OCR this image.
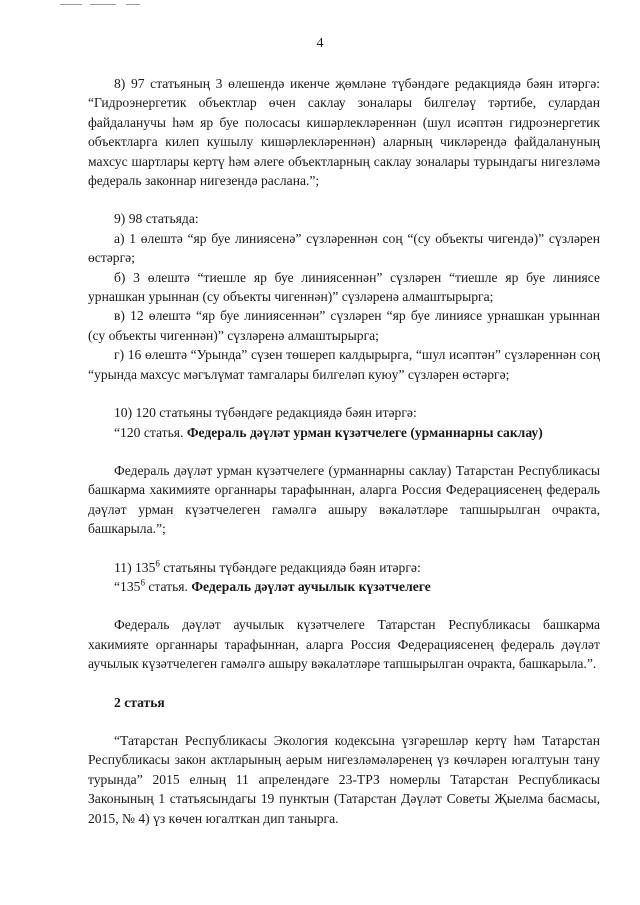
4

8) 97 статьяның 3 өлешендә икенче җөмләне түбәндәге редакциядә бәян итәргә: “Гидроэнергетик объектлар өчен саклау зоналары билгеләү тәртибе, сулардан файдаланучы һәм яр буе полосасы кишәрлекләреннән (шул исәптән гидроэнергетик объектларга килеп кушылу кишәрлекләреннән) аларның чикләрендә файдалануның махсус шартлары кертү һәм әлеге объектларның саклау зоналары турындагы нигезләмә федераль законнар нигезендә раслана.”;

9) 98 статьяда:

а) 1 өлештә “яр буе линиясенә” сүзләреннән соң “(су объекты чигендә)” сүзләрен өстәргә;

б) 3 өлештә “тиешле яр буе линиясеннән” сүзләрен “тиешле яр буе линиясе урнашкан урыннан (су объекты чигеннән)” сүзләренә алмаштырырга;

в) 12 өлештә “яр буе линиясеннән” сүзләрен “яр буе линиясе урнашкан урыннан (су объекты чигеннән)” сүзләренә алмаштырырга;

г) 16 өлештә “Урында” сүзен төшереп калдырырга, “шул исәптән” сүзләреннән соң “урында махсус мәгълүмат тамгалары билгеләп куюу” сүзләрен өстәргә;

10) 120 статьяны түбәндәге редакциядә бәян итәргә:

“120 статья. Федераль дәүләт урман күзәтчелеге (урманнарны саклау)

Федераль дәүләт урман күзәтчелеге (урманнарны саклау) Татарстан Республикасы башкарма хакимияте органнары тарафыннан, аларга Россия Федерациясенең федераль дәүләт урман күзәтчелеген гамәлгә ашыру вәкаләтләре тапшырылган очракта, башкарыла.”;

11) $135^6$ статьяны түбәндәге редакциядә бәян итәргә:

“$135^6$ статья. Федераль дәүләт аучылык күзәтчелеге

Федераль дәүләт аучылык күзәтчелеге Татарстан Республикасы башкарма хакимияте органнары тарафыннан, аларга Россия Федерациясенең федераль дәүләт аучылык күзәтчелеген гамәлгә ашыру вәкаләтләре тапшырылган очракта, башкарыла.”.

2 статья

“Татарстан Республикасы Экология кодексына үзгәрешләр кертү һәм Татарстан Республикасы закон актларының аерым нигезләмәләренең үз көчләрен югалтуын тану турында” 2015 елның 11 апрелендәге 23-ТРЗ номерлы Татарстан Республикасы Законының 1 статьясындагы 19 пунктын (Татарстан Дәүләт Советы Җыелма басмасы, 2015, № 4) үз көчен югалткан дип танырга.
